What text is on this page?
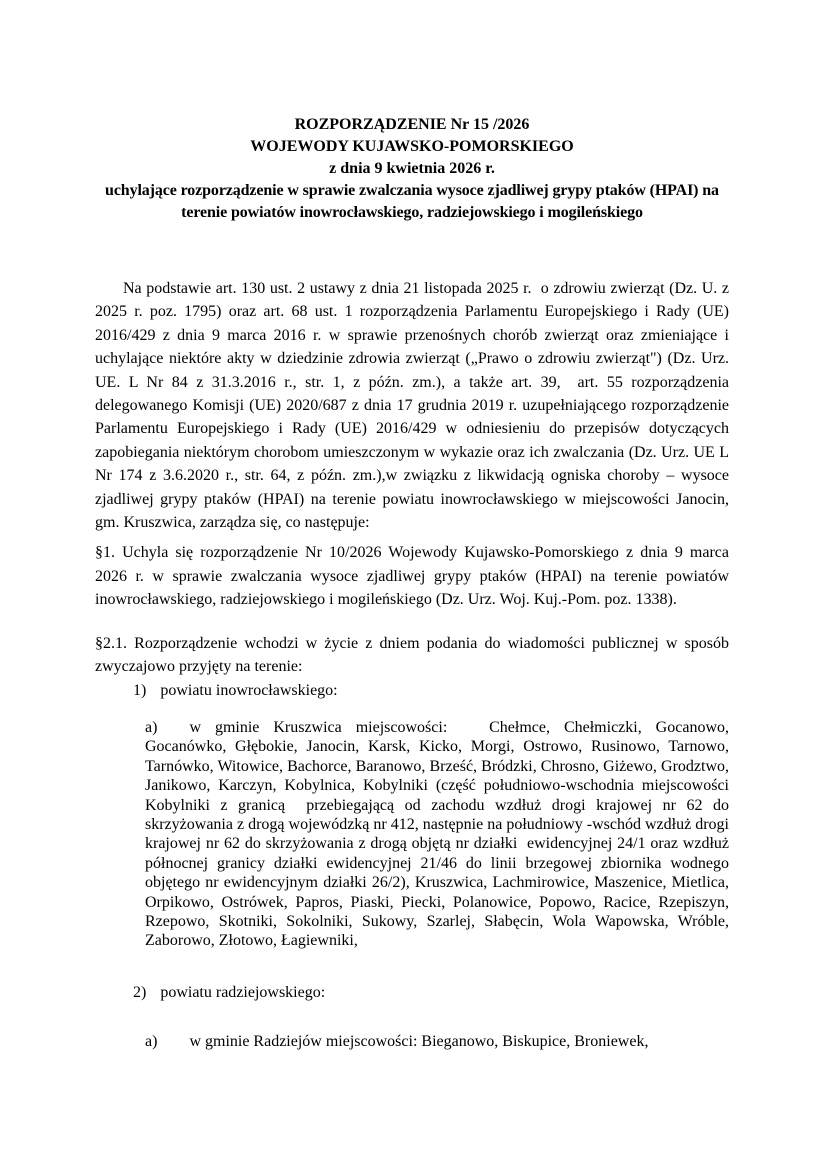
ROZPORZĄDZENIE Nr 15 /2026
WOJEWODY KUJAWSKO-POMORSKIEGO
z dnia 9 kwietnia 2026 r.
uchylające rozporządzenie w sprawie zwalczania wysoce zjadliwej grypy ptaków (HPAI) na terenie powiatów inowrocławskiego, radziejowskiego i mogileńskiego

Na podstawie art. 130 ust. 2 ustawy z dnia 21 listopada 2025 r.  o zdrowiu zwierząt (Dz. U. z 2025 r. poz. 1795) oraz art. 68 ust. 1 rozporządzenia Parlamentu Europejskiego i Rady (UE) 2016/429 z dnia 9 marca 2016 r. w sprawie przenośnych chorób zwierząt oraz zmieniające i uchylające niektóre akty w dziedzinie zdrowia zwierząt („Prawo o zdrowiu zwierząt") (Dz. Urz. UE. L Nr 84 z 31.3.2016 r., str. 1, z późn. zm.), a także art. 39,  art. 55 rozporządzenia delegowanego Komisji (UE) 2020/687 z dnia 17 grudnia 2019 r. uzupełniającego rozporządzenie Parlamentu Europejskiego i Rady (UE) 2016/429 w odniesieniu do przepisów dotyczących zapobiegania niektórym chorobom umieszczonym w wykazie oraz ich zwalczania (Dz. Urz. UE L Nr 174 z 3.6.2020 r., str. 64, z późn. zm.),w związku z likwidacją ogniska choroby – wysoce zjadliwej grypy ptaków (HPAI) na terenie powiatu inowrocławskiego w miejscowości Janocin, gm. Kruszwica, zarządza się, co następuje:

§1. Uchyla się rozporządzenie Nr 10/2026 Wojewody Kujawsko-Pomorskiego z dnia 9 marca 2026 r. w sprawie zwalczania wysoce zjadliwej grypy ptaków (HPAI) na terenie powiatów inowrocławskiego, radziejowskiego i mogileńskiego (Dz. Urz. Woj. Kuj.-Pom. poz. 1338).

§2.1. Rozporządzenie wchodzi w życie z dniem podania do wiadomości publicznej w sposób zwyczajowo przyjęty na terenie:

1) powiatu inowrocławskiego:

a) w gminie Kruszwica miejscowości:   Chełmce, Chełmiczki, Gocanowo, Gocanówko, Głębokie, Janocin, Karsk, Kicko, Morgi, Ostrowo, Rusinowo, Tarnowo, Tarnówko, Witowice, Bachorce, Baranowo, Brześć, Bródzki, Chrosno, Giżewo, Grodztwo, Janikowo, Karczyn, Kobylnica, Kobylniki (część południowo-wschodnia miejscowości Kobylniki z granicą  przebiegającą od zachodu wzdłuż drogi krajowej nr 62 do skrzyżowania z drogą wojewódzką nr 412, następnie na południowy -wschód wzdłuż drogi krajowej nr 62 do skrzyżowania z drogą objętą nr działki  ewidencyjnej 24/1 oraz wzdłuż północnej granicy działki ewidencyjnej 21/46 do linii brzegowej zbiornika wodnego objętego nr ewidencyjnym działki 26/2), Kruszwica, Lachmirowice, Maszenice, Mietlica, Orpikowo, Ostrówek, Papros, Piaski, Piecki, Polanowice, Popowo, Racice, Rzepiszyn, Rzepowo, Skotniki, Sokolniki, Sukowy, Szarlej, Słabęcin, Wola Wapowska, Wróble, Zaborowo, Złotowo, Łagiewniki,

2) powiatu radziejowskiego:

a) w gminie Radziejów miejscowości: Bieganowo, Biskupice, Broniewek,
